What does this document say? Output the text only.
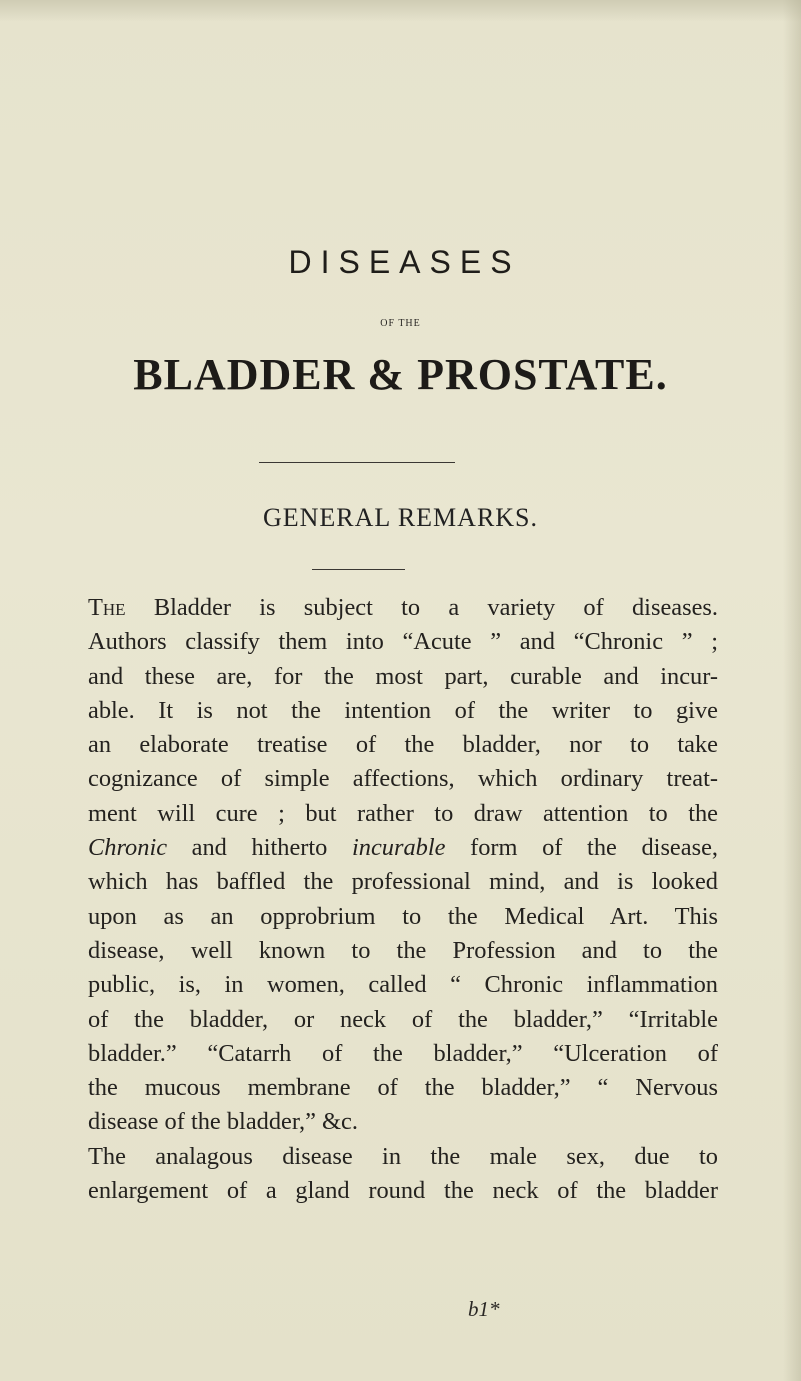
DISEASES
OF THE
BLADDER & PROSTATE.
GENERAL REMARKS.
The Bladder is subject to a variety of diseases.
Authors classify them into “Acute ” and “Chronic ” ;
and these are, for the most part, curable and incur-
able. It is not the intention of the writer to give
an elaborate treatise of the bladder, nor to take
cognizance of simple affections, which ordinary treat-
ment will cure ; but rather to draw attention to the
Chronic and hitherto incurable form of the disease,
which has baffled the professional mind, and is looked
upon as an opprobrium to the Medical Art. This
disease, well known to the Profession and to the
public, is, in women, called “ Chronic inflammation
of the bladder, or neck of the bladder,” “Irritable
bladder.” “Catarrh of the bladder,” “Ulceration of
the mucous membrane of the bladder,” “ Nervous
disease of the bladder,” &c.
The analagous disease in the male sex, due to
enlargement of a gland round the neck of the bladder
b1*
